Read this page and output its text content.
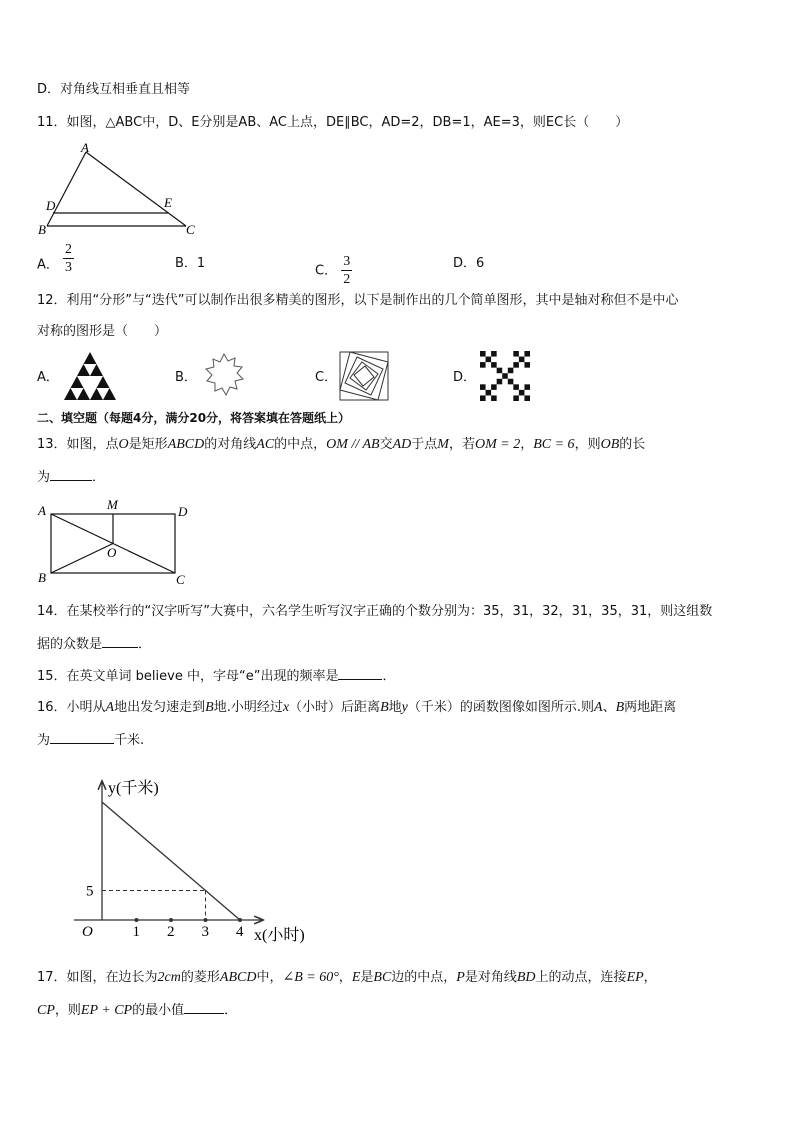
D．对角线互相垂直且相等
11．如图，△ABC中，D、E分别是AB、AC上点，DE∥BC，AD=2，DB=1，AE=3，则EC长（　　）
A
D	E
B	C
A． $\frac{2}{3}$	B．1	C． $\frac{3}{2}$	D．6
12．利用“分形”与“迭代”可以制作出很多精美的图形，以下是制作出的几个简单图形，其中是轴对称但不是中心
对称的图形是（　　）
A．	B．	C．	D．
二、填空题（每题4分，满分20分，将答案填在答题纸上）
13．如图，点O是矩形ABCD的对角线AC的中点，OM // AB交AD于点M，若OM = 2，BC = 6，则OB的长
为	．
A	M	D
O
B	C
14．在某校举行的“汉字听写”大赛中，六名学生听写汉字正确的个数分别为：35，31，32，31，35，31，则这组数
据的众数是	．
15．在英文单词 believe 中，字母“e”出现的频率是	．
16．小明从A地出发匀速走到B地.小明经过x（小时）后距离B地y（千米）的函数图像如图所示.则A、B两地距离
为	千米.
y(千米)
x(小时)
O	1 2 3 4
5
17．如图，在边长为2cm的菱形ABCD中，∠B = 60°，E是BC边的中点，P是对角线BD上的动点，连接EP，
CP，则EP + CP的最小值	．
